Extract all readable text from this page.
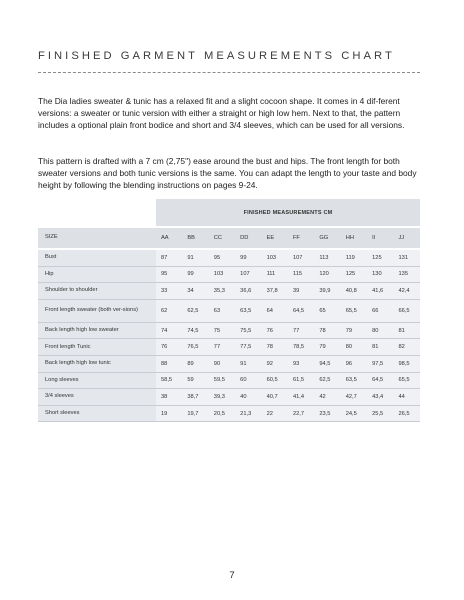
FINISHED GARMENT MEASUREMENTS CHART

The Dia ladies sweater & tunic has a relaxed fit and a slight cocoon shape. It comes in 4 dif-ferent versions: a sweater or tunic version with either a straight or high low hem. Next to that, the pattern includes a optional plain front bodice and short and 3/4 sleeves, which can be used for all versions.

This pattern is drafted with a 7 cm (2,75") ease around the bust and hips. The front length for both sweater versions and both tunic versions is the same. You can adapt the length to your taste and body height by following the blending instructions on pages 9-24.

	FINISHED MEASUREMENTS CM									
SIZE	AA	BB	CC	DD	EE	FF	GG	HH	II	JJ
Bust	87	91	95	99	103	107	113	119	125	131
Hip	95	99	103	107	111	115	120	125	130	135
Shoulder to shoulder	33	34	35,3	36,6	37,8	39	39,9	40,8	41,6	42,4
Front length sweater (both ver-sions)	62	62,5	63	63,5	64	64,5	65	65,5	66	66,5
Back length high low sweater	74	74,5	75	75,5	76	77	78	79	80	81
Front length Tunic	76	76,5	77	77,5	78	78,5	79	80	81	82
Back length high low tunic	88	89	90	91	92	93	94,5	96	97,5	98,5
Long sleeves	58,5	59	59,5	60	60,5	61,5	62,5	63,5	64,5	65,5
3/4 sleeves	38	38,7	39,3	40	40,7	41,4	42	42,7	43,4	44
Short sleeves	19	19,7	20,5	21,3	22	22,7	23,5	24,5	25,5	26,5
7
